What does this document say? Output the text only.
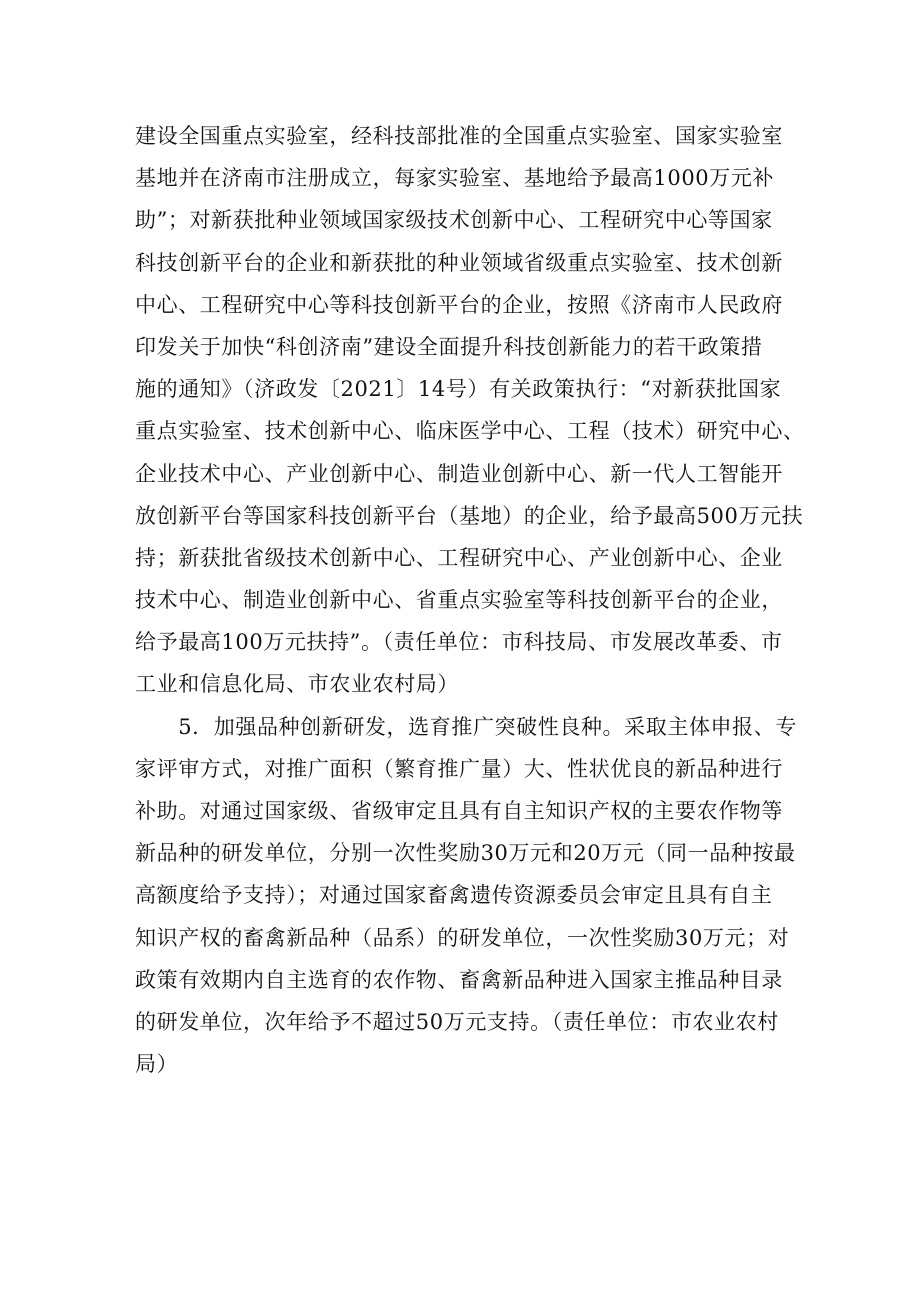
建设全国重点实验室，经科技部批准的全国重点实验室、国家实验室
基地并在济南市注册成立，每家实验室、基地给予最高1000万元补
助”；对新获批种业领域国家级技术创新中心、工程研究中心等国家
科技创新平台的企业和新获批的种业领域省级重点实验室、技术创新
中心、工程研究中心等科技创新平台的企业，按照《济南市人民政府
印发关于加快“科创济南”建设全面提升科技创新能力的若干政策措
施的通知》（济政发〔2021〕14号）有关政策执行：“对新获批国家
重点实验室、技术创新中心、临床医学中心、工程（技术）研究中心、
企业技术中心、产业创新中心、制造业创新中心、新一代人工智能开
放创新平台等国家科技创新平台（基地）的企业，给予最高500万元扶
持；新获批省级技术创新中心、工程研究中心、产业创新中心、企业
技术中心、制造业创新中心、省重点实验室等科技创新平台的企业，
给予最高100万元扶持”。（责任单位：市科技局、市发展改革委、市
工业和信息化局、市农业农村局）
　　5．加强品种创新研发，选育推广突破性良种。采取主体申报、专
家评审方式，对推广面积（繁育推广量）大、性状优良的新品种进行
补助。对通过国家级、省级审定且具有自主知识产权的主要农作物等
新品种的研发单位，分别一次性奖励30万元和20万元（同一品种按最
高额度给予支持）；对通过国家畜禽遗传资源委员会审定且具有自主
知识产权的畜禽新品种（品系）的研发单位，一次性奖励30万元；对
政策有效期内自主选育的农作物、畜禽新品种进入国家主推品种目录
的研发单位，次年给予不超过50万元支持。（责任单位：市农业农村
局）
